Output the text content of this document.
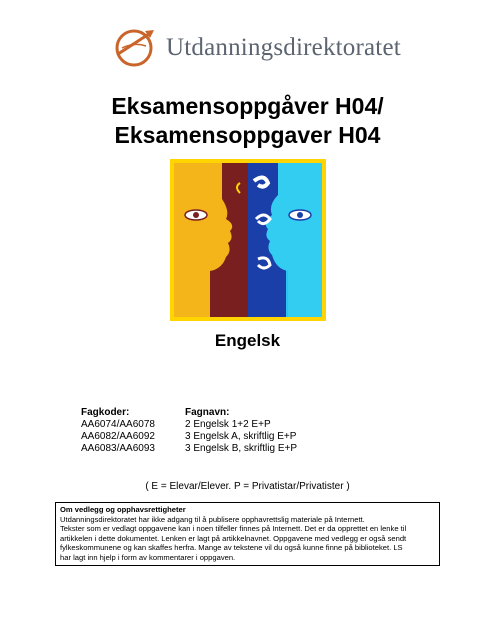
Utdanningsdirektoratet
Eksamensoppgåver H04/
Eksamensoppgaver H04
Engelsk
Fagkoder:
AA6074/AA6078
AA6082/AA6092
AA6083/AA6093
Fagnavn:
2 Engelsk 1+2 E+P
3 Engelsk A, skriftlig E+P
3 Engelsk B, skriftlig E+P
( E = Elevar/Elever. P = Privatistar/Privatister )
Om vedlegg og opphavsrettigheter
Utdanningsdirektoratet har ikke adgang til å publisere opphavrettslig materiale på Internett.
Tekster som er vedlagt oppgavene kan i noen tilfeller finnes på Internett. Det er da opprettet en lenke til
artikkelen i dette dokumentet. Lenken er lagt på artikkelnavnet. Oppgavene med vedlegg er også sendt
fylkeskommunene og kan skaffes herfra. Mange av tekstene vil du også kunne finne på biblioteket. LS
har lagt inn hjelp i form av kommentarer i oppgaven.
